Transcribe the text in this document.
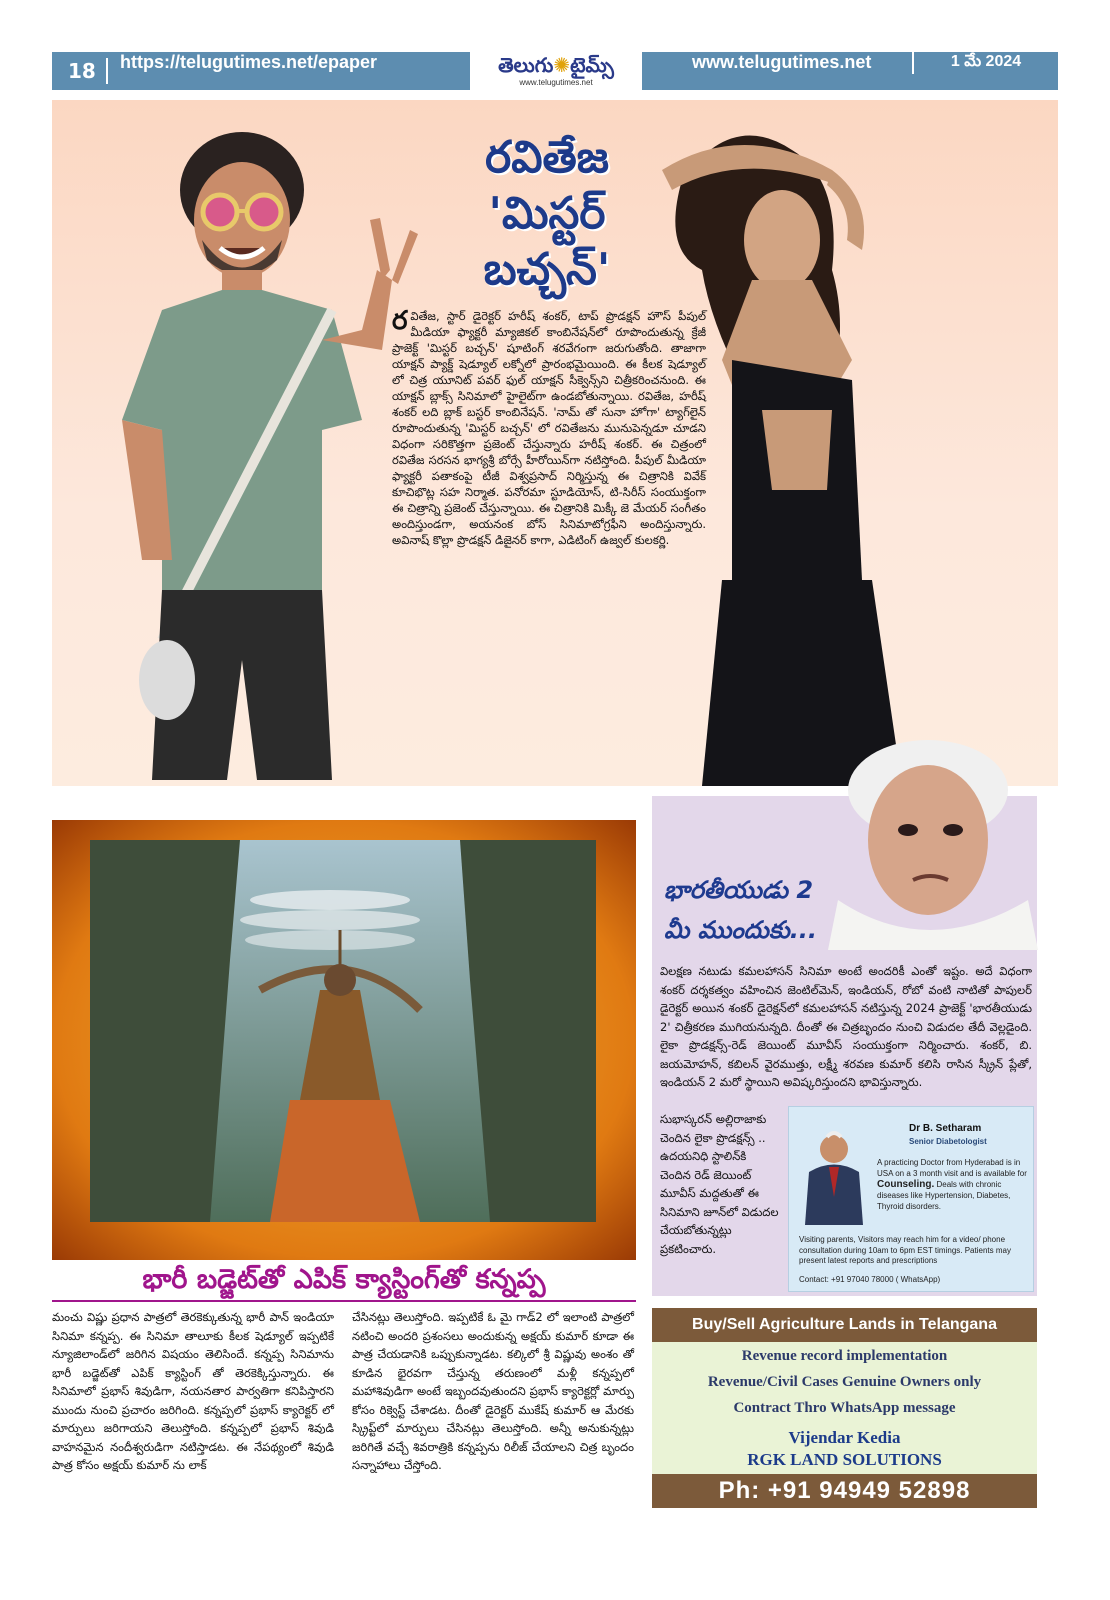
18	https://telugutimes.net/epaper	తెలుగు✺టైమ్స్
www.telugutimes.net
www.telugutimes.net	1 మే 2024
రవితేజ
'మిస్టర్ బచ్చన్'
రవితేజ, స్టార్ డైరెక్టర్ హరీష్ శంకర్, టాప్ ప్రొడక్షన్ హౌస్ పీపుల్ మీడియా ఫ్యాక్టరీ మ్యాజికల్ కాంబినేషన్‌లో రూపొందుతున్న క్రేజీ ప్రాజెక్ట్ 'మిస్టర్ బచ్చన్' షూటింగ్ శరవేగంగా జరుగుతోంది. తాజాగా యాక్షన్ ప్యాక్డ్ షెడ్యూల్ లక్నోలో ప్రారంభమైయింది. ఈ కీలక షెడ్యూల్ లో చిత్ర యూనిట్ పవర్ ఫుల్ యాక్షన్ సీక్వెన్స్‌ని చిత్రీకరించనుంది. ఈ యాక్షన్ బ్లాక్స్ సినిమాలో హైలైట్‌గా ఉండబోతున్నాయి. రవితేజ, హరీష్ శంకర్ లది బ్లాక్ బస్టర్ కాంబినేషన్. 'నామ్ తో సునా హోగా' ట్యాగ్‌లైన్ రూపొందుతున్న 'మిస్టర్ బచ్చన్' లో రవితేజను మునుపెన్నడూ చూడని విధంగా సరికొత్తగా ప్రజెంట్ చేస్తున్నారు హరీష్ శంకర్. ఈ చిత్రంలో రవితేజ సరసన భాగ్యశ్రీ బోర్సే హీరోయిన్‌గా నటిస్తోంది. పీపుల్ మీడియా ఫ్యాక్టరీ పతాకంపై టీజీ విశ్వప్రసాద్ నిర్మిస్తున్న ఈ చిత్రానికి వివేక్ కూచిభొట్ల సహ నిర్మాత. పనోరమా స్టూడియోస్, టి-సిరీస్ సంయుక్తంగా ఈ చిత్రాన్ని ప్రజెంట్ చేస్తున్నాయి. ఈ చిత్రానికి మిక్కీ జె మేయర్ సంగీతం అందిస్తుండగా, అయనంక బోస్ సినిమాటోగ్రఫీని అందిస్తున్నారు. అవినాష్ కొల్లా ప్రొడక్షన్ డిజైనర్ కాగా, ఎడిటింగ్ ఉజ్వల్ కులకర్ణి.
భారీ బడ్జెట్‌తో ఎపిక్ క్యాస్టింగ్‌తో కన్నప్ప
మంచు విష్ణు ప్రధాన పాత్రలో తెరకెక్కుతున్న భారీ పాన్ ఇండియా సినిమా కన్నప్ప. ఈ సినిమా తాలూకు కీలక షెడ్యూల్ ఇప్పటికే న్యూజిలాండ్‌లో జరిగిన విషయం తెలిసిందే. కన్నప్ప సినిమాను భారీ బడ్జెట్‌తో ఎపిక్ క్యాస్టింగ్ తో తెరకెక్కిస్తున్నారు. ఈ సినిమాలో ప్రభాస్ శివుడిగా, నయనతార పార్వతిగా కనిపిస్తారని ముందు నుంచి ప్రచారం జరిగింది. కన్నప్పలో ప్రభాస్ క్యారెక్టర్ లో మార్పులు జరిగాయని తెలుస్తోంది. కన్నప్పలో ప్రభాస్ శివుడి వాహనమైన నందీశ్వరుడిగా నటిస్తాడట. ఈ నేపథ్యంలో శివుడి పాత్ర కోసం అక్షయ్ కుమార్ ను లాక్
చేసినట్లు తెలుస్తోంది. ఇప్పటికే ఓ మై గాడ్2 లో ఇలాంటి పాత్రలో నటించి అందరి ప్రశంసలు అందుకున్న అక్షయ్ కుమార్ కూడా ఈ పాత్ర చేయడానికి ఒప్పుకున్నాడట. కల్కిలో శ్రీ విష్ణువు అంశం తో కూడిన భైరవగా చేస్తున్న తరుణంలో మళ్లీ కన్నప్పలో మహాశివుడిగా అంటే ఇబ్బందవుతుందని ప్రభాస్ క్యారెక్టర్లో మార్పు కోసం రిక్వెస్ట్ చేశాడట. దీంతో డైరెక్టర్ ముకేష్ కుమార్ ఆ మేరకు స్క్రిప్ట్‌లో మార్పులు చేసినట్లు తెలుస్తోంది. అన్నీ అనుకున్నట్లు జరిగితే వచ్చే శివరాత్రికి కన్నప్పను రిలీజ్ చేయాలని చిత్ర బృందం సన్నాహాలు చేస్తోంది.
భారతీయుడు 2
మీ ముందుకు...
విలక్షణ నటుడు కమలహాసన్ సినిమా అంటే అందరికీ ఎంతో ఇష్టం. అదే విధంగా శంకర్ దర్శకత్వం వహించిన జెంటిల్‌మెన్, ఇండియన్, రోబో వంటి నాటితో పాపులర్ డైరెక్టర్ అయిన శంకర్ డైరెక్షన్‌లో కమలహాసన్ నటిస్తున్న 2024 ప్రాజెక్ట్ 'భారతీయుడు 2' చిత్రీకరణ ముగియనున్నది. దీంతో ఈ చిత్రబృందం నుంచి విడుదల తేదీ వెల్లడైంది. లైకా ప్రొడక్షన్స్-రెడ్ జెయింట్ మూవీస్ సంయుక్తంగా నిర్మించారు. శంకర్, బి. జయమోహన్, కబిలన్ వైరముత్తు, లక్ష్మీ శరవణ కుమార్ కలిసి రాసిన స్క్రీన్ ప్లేతో, ఇండియన్ 2 మరో స్థాయిని అవిష్కరిస్తుందని భావిస్తున్నారు.
సుభాస్కరన్ అల్లిరాజాకు చెందిన లైకా ప్రొడక్షన్స్ .. ఉదయనిధి స్టాలిన్‌కి చెందిన రెడ్ జెయింట్ మూవీస్ మద్దతుతో ఈ సినిమాని జూన్‌లో విడుదల చేయబోతున్నట్లు ప్రకటించారు.
Dr B. Setharam
Senior Diabetologist
A practicing Doctor from Hyderabad is in USA on a 3 month visit and is available for Counseling. Deals with chronic diseases like Hypertension, Diabetes, Thyroid disorders.
Visiting parents, Visitors may reach him for a video/ phone consultation during 10am to 6pm EST timings. Patients may present latest reports and prescriptions
Contact: +91 97040 78000 ( WhatsApp)
Buy/Sell Agriculture Lands in Telangana
Revenue record implementation
Revenue/Civil Cases Genuine Owners only
Contract Thro WhatsApp message
Vijendar Kedia
RGK LAND SOLUTIONS
Ph: +91 94949 52898
